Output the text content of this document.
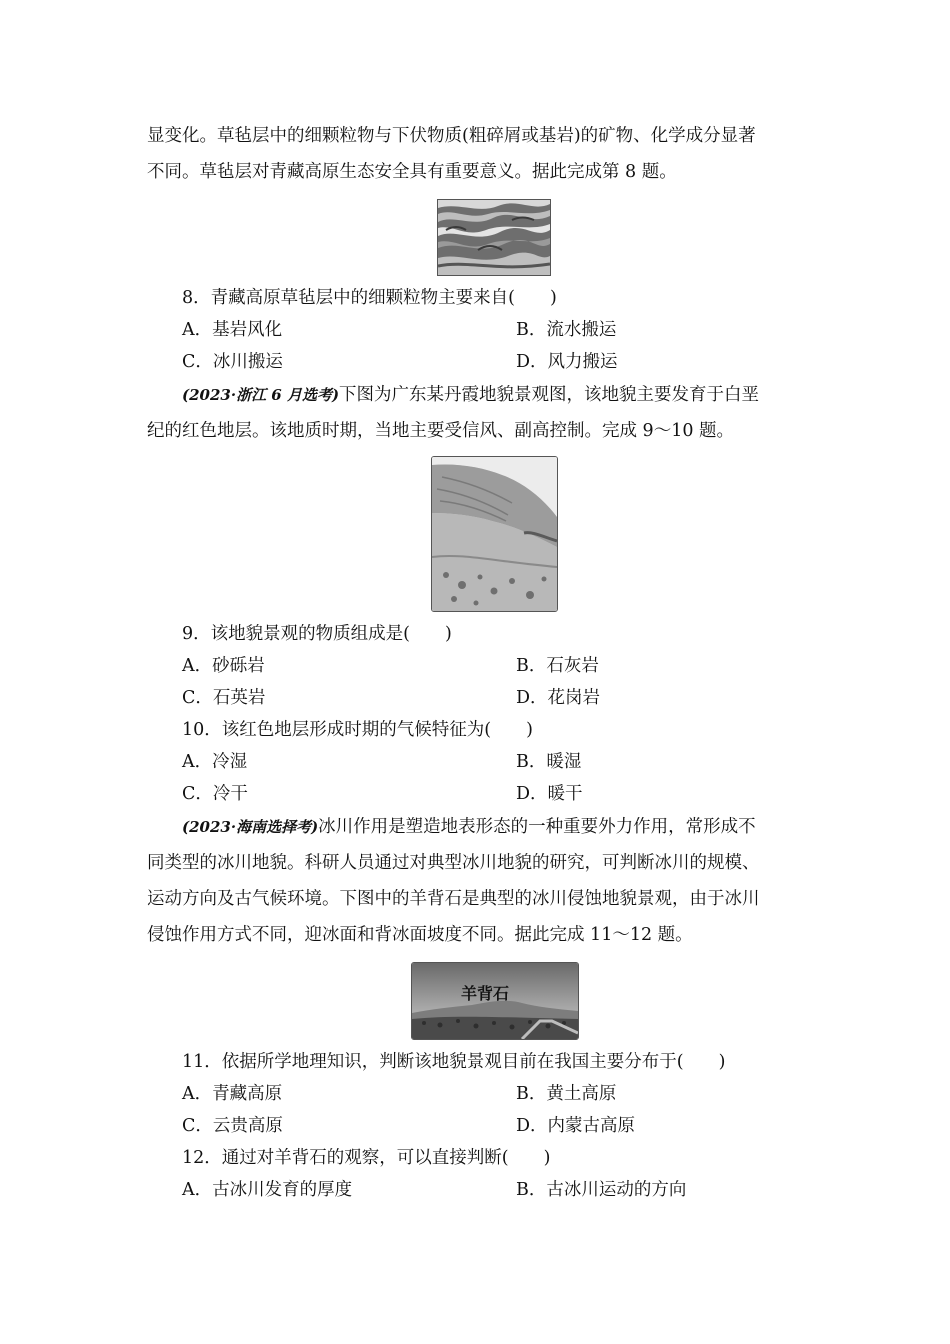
显变化。草毡层中的细颗粒物与下伏物质(粗碎屑或基岩)的矿物、化学成分显著
不同。草毡层对青藏高原生态安全具有重要意义。据此完成第 8 题。
8．青藏高原草毡层中的细颗粒物主要来自(　　)
A．基岩风化	B．流水搬运
C．冰川搬运	D．风力搬运
(2023·浙江 6 月选考)下图为广东某丹霞地貌景观图，该地貌主要发育于白垩
纪的红色地层。该地质时期，当地主要受信风、副高控制。完成 9～10 题。
9．该地貌景观的物质组成是(　　)
A．砂砾岩	B．石灰岩
C．石英岩	D．花岗岩
10．该红色地层形成时期的气候特征为(　　)
A．冷湿	B．暖湿
C．冷干	D．暖干
(2023·海南选择考)冰川作用是塑造地表形态的一种重要外力作用，常形成不
同类型的冰川地貌。科研人员通过对典型冰川地貌的研究，可判断冰川的规模、
运动方向及古气候环境。下图中的羊背石是典型的冰川侵蚀地貌景观，由于冰川
侵蚀作用方式不同，迎冰面和背冰面坡度不同。据此完成 11～12 题。
羊背石
11．依据所学地理知识，判断该地貌景观目前在我国主要分布于(　　)
A．青藏高原	B．黄土高原
C．云贵高原	D．内蒙古高原
12．通过对羊背石的观察，可以直接判断(　　)
A．古冰川发育的厚度	B．古冰川运动的方向
